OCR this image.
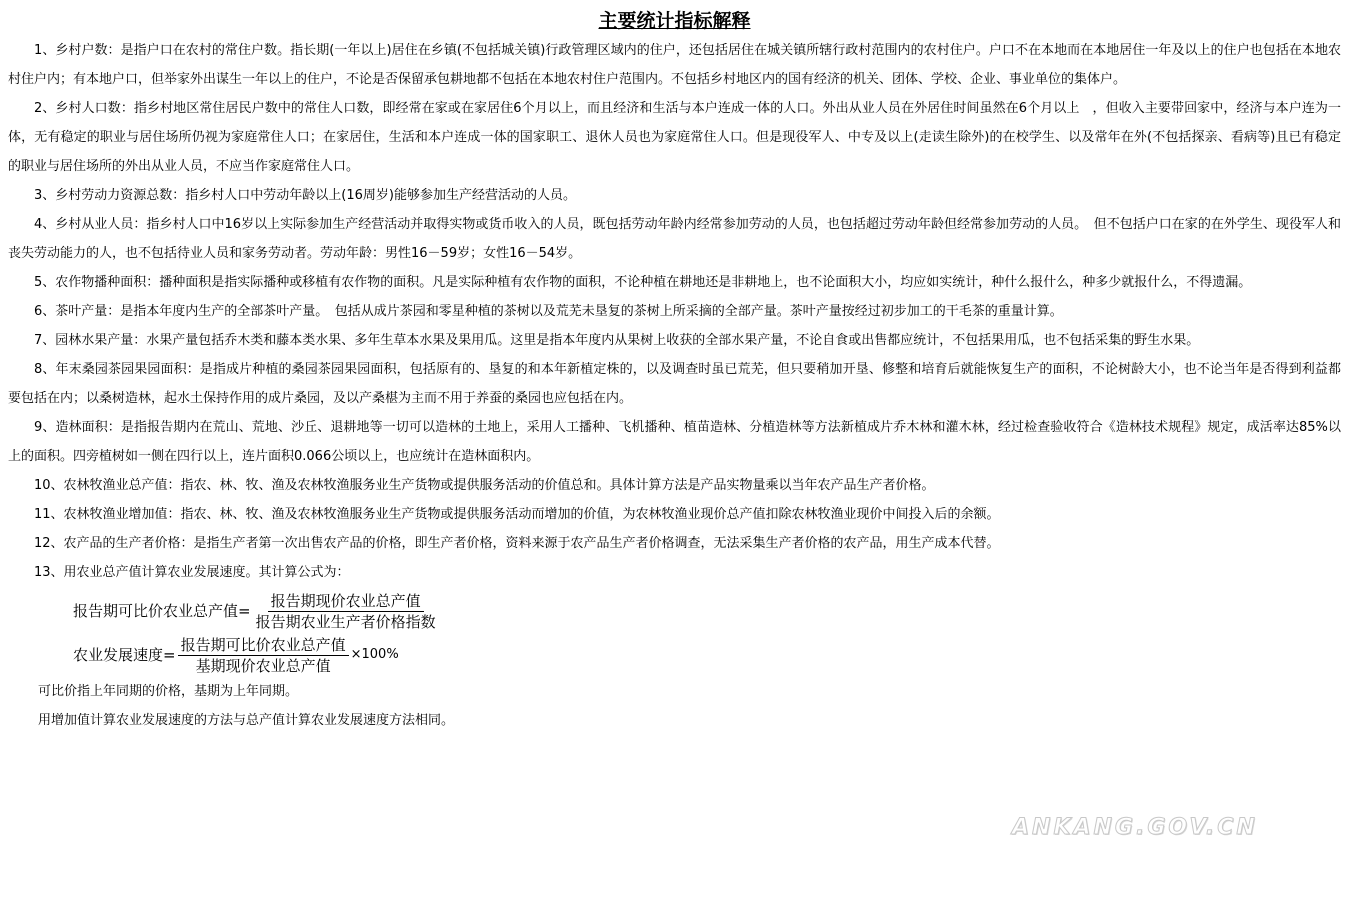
主要统计指标解释

1、乡村户数：是指户口在农村的常住户数。指长期(一年以上)居住在乡镇(不包括城关镇)行政管理区域内的住户，还包括居住在城关镇所辖行政村范围内的农村住户。户口不在本地而在本地居住一年及以上的住户也包括在本地农村住户内；有本地户口，但举家外出谋生一年以上的住户，不论是否保留承包耕地都不包括在本地农村住户范围内。不包括乡村地区内的国有经济的机关、团体、学校、企业、事业单位的集体户。

2、乡村人口数：指乡村地区常住居民户数中的常住人口数，即经常在家或在家居住6个月以上，而且经济和生活与本户连成一体的人口。外出从业人员在外居住时间虽然在6个月以上　，但收入主要带回家中，经济与本户连为一体，无有稳定的职业与居住场所仍视为家庭常住人口；在家居住，生活和本户连成一体的国家职工、退休人员也为家庭常住人口。但是现役军人、中专及以上(走读生除外)的在校学生、以及常年在外(不包括探亲、看病等)且已有稳定的职业与居住场所的外出从业人员，不应当作家庭常住人口。

3、乡村劳动力资源总数：指乡村人口中劳动年龄以上(16周岁)能够参加生产经营活动的人员。

4、乡村从业人员：指乡村人口中16岁以上实际参加生产经营活动并取得实物或货币收入的人员，既包括劳动年龄内经常参加劳动的人员，也包括超过劳动年龄但经常参加劳动的人员。　但不包括户口在家的在外学生、现役军人和丧失劳动能力的人，也不包括待业人员和家务劳动者。劳动年龄：男性16－59岁；女性16－54岁。

5、农作物播种面积：播种面积是指实际播种或移植有农作物的面积。凡是实际种植有农作物的面积，不论种植在耕地还是非耕地上，也不论面积大小，均应如实统计，种什么报什么，种多少就报什么，不得遗漏。

6、茶叶产量：是指本年度内生产的全部茶叶产量。　包括从成片茶园和零星种植的茶树以及荒芜未垦复的茶树上所采摘的全部产量。茶叶产量按经过初步加工的干毛茶的重量计算。

7、园林水果产量：水果产量包括乔木类和藤本类水果、多年生草本水果及果用瓜。这里是指本年度内从果树上收获的全部水果产量，不论自食或出售都应统计，不包括果用瓜，也不包括采集的野生水果。

8、年末桑园茶园果园面积：是指成片种植的桑园茶园果园面积，包括原有的、垦复的和本年新植定株的，以及调查时虽已荒芜，但只要稍加开垦、修整和培育后就能恢复生产的面积，不论树龄大小，也不论当年是否得到利益都要包括在内；以桑树造林，起水土保持作用的成片桑园，及以产桑椹为主而不用于养蚕的桑园也应包括在内。

9、造林面积：是指报告期内在荒山、荒地、沙丘、退耕地等一切可以造林的土地上，采用人工播种、飞机播种、植苗造林、分植造林等方法新植成片乔木林和灌木林，经过检查验收符合《造林技术规程》规定，成活率达85%以上的面积。四旁植树如一侧在四行以上，连片面积0.066公顷以上，也应统计在造林面积内。

10、农林牧渔业总产值：指农、林、牧、渔及农林牧渔服务业生产货物或提供服务活动的价值总和。具体计算方法是产品实物量乘以当年农产品生产者价格。

11、农林牧渔业增加值：指农、林、牧、渔及农林牧渔服务业生产货物或提供服务活动而增加的价值，为农林牧渔业现价总产值扣除农林牧渔业现价中间投入后的余额。

12、农产品的生产者价格：是指生产者第一次出售农产品的价格，即生产者价格，资料来源于农产品生产者价格调查，无法采集生产者价格的农产品，用生产成本代替。

13、用农业总产值计算农业发展速度。其计算公式为：

报告期可比价农业总产值 = $\frac{\text{报告期现价农业总产值}}{\text{报告期农业生产者价格指数}}$
农业发展速度 = $\frac{\text{报告期可比价农业总产值}}{\text{基期现价农业总产值}} \times 100\%$

可比价指上年同期的价格，基期为上年同期。

用增加值计算农业发展速度的方法与总产值计算农业发展速度方法相同。

ANKANG.GOV.CN
